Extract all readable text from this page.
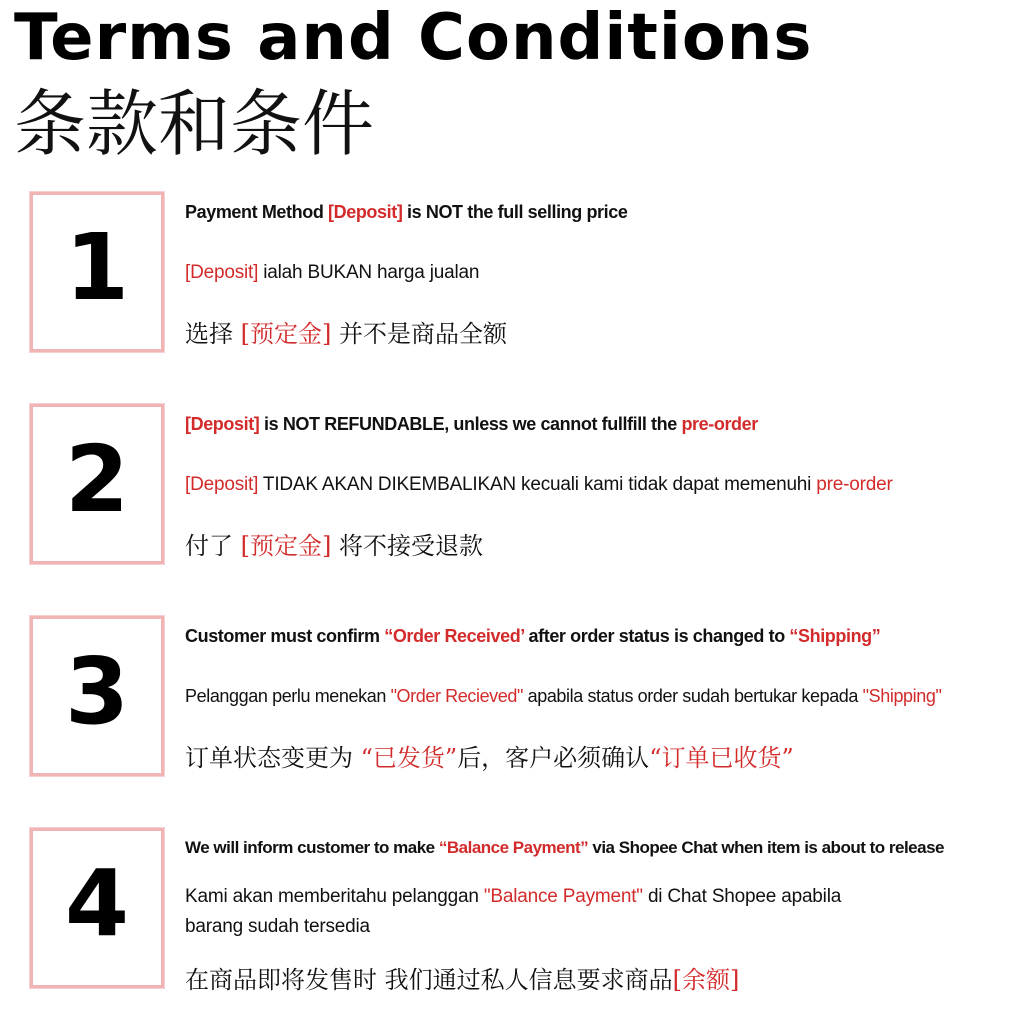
Terms and Conditions
条款和条件
1
Payment Method [Deposit] is NOT the full selling price
[Deposit] ialah BUKAN harga jualan
选择 [预定金] 并不是商品全额
2
[Deposit] is NOT REFUNDABLE, unless we cannot fullfill the pre-order
[Deposit] TIDAK AKAN DIKEMBALIKAN kecuali kami tidak dapat memenuhi pre-order
付了 [预定金] 将不接受退款
3
Customer must confirm “Order Received’ after order status is changed to “Shipping”
Pelanggan perlu menekan "Order Recieved" apabila status order sudah bertukar kepada "Shipping"
订单状态变更为 “已发货”后，客户必须确认“订单已收货”
4
We will inform customer to make “Balance Payment” via Shopee Chat when item is about to release
Kami akan memberitahu pelanggan "Balance Payment" di Chat Shopee apabila
barang sudah tersedia
在商品即将发售时 我们通过私人信息要求商品[余额]
